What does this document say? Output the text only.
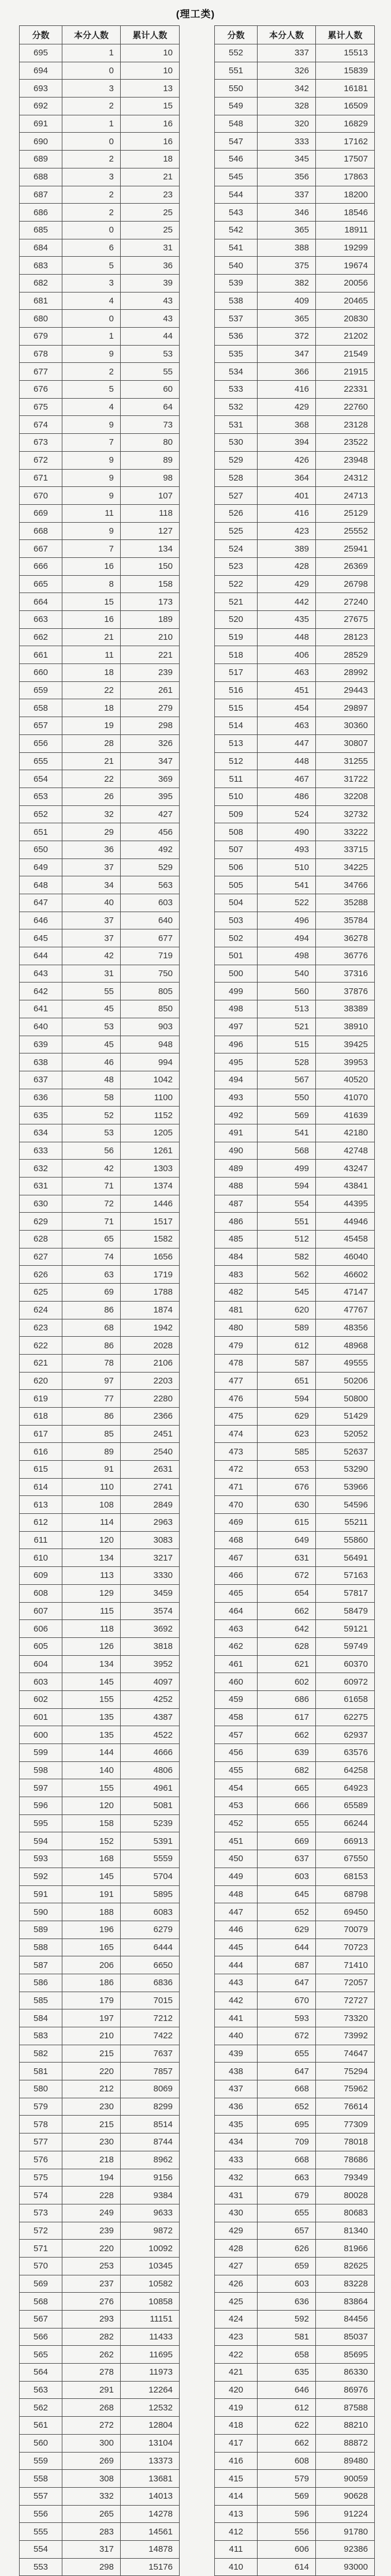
(理工类)
分数	本分人数	累计人数
695	1	10
694	0	10
693	3	13
692	2	15
691	1	16
690	0	16
689	2	18
688	3	21
687	2	23
686	2	25
685	0	25
684	6	31
683	5	36
682	3	39
681	4	43
680	0	43
679	1	44
678	9	53
677	2	55
676	5	60
675	4	64
674	9	73
673	7	80
672	9	89
671	9	98
670	9	107
669	11	118
668	9	127
667	7	134
666	16	150
665	8	158
664	15	173
663	16	189
662	21	210
661	11	221
660	18	239
659	22	261
658	18	279
657	19	298
656	28	326
655	21	347
654	22	369
653	26	395
652	32	427
651	29	456
650	36	492
649	37	529
648	34	563
647	40	603
646	37	640
645	37	677
644	42	719
643	31	750
642	55	805
641	45	850
640	53	903
639	45	948
638	46	994
637	48	1042
636	58	1100
635	52	1152
634	53	1205
633	56	1261
632	42	1303
631	71	1374
630	72	1446
629	71	1517
628	65	1582
627	74	1656
626	63	1719
625	69	1788
624	86	1874
623	68	1942
622	86	2028
621	78	2106
620	97	2203
619	77	2280
618	86	2366
617	85	2451
616	89	2540
615	91	2631
614	110	2741
613	108	2849
612	114	2963
611	120	3083
610	134	3217
609	113	3330
608	129	3459
607	115	3574
606	118	3692
605	126	3818
604	134	3952
603	145	4097
602	155	4252
601	135	4387
600	135	4522
599	144	4666
598	140	4806
597	155	4961
596	120	5081
595	158	5239
594	152	5391
593	168	5559
592	145	5704
591	191	5895
590	188	6083
589	196	6279
588	165	6444
587	206	6650
586	186	6836
585	179	7015
584	197	7212
583	210	7422
582	215	7637
581	220	7857
580	212	8069
579	230	8299
578	215	8514
577	230	8744
576	218	8962
575	194	9156
574	228	9384
573	249	9633
572	239	9872
571	220	10092
570	253	10345
569	237	10582
568	276	10858
567	293	11151
566	282	11433
565	262	11695
564	278	11973
563	291	12264
562	268	12532
561	272	12804
560	300	13104
559	269	13373
558	308	13681
557	332	14013
556	265	14278
555	283	14561
554	317	14878
553	298	15176
分数	本分人数	累计人数
552	337	15513
551	326	15839
550	342	16181
549	328	16509
548	320	16829
547	333	17162
546	345	17507
545	356	17863
544	337	18200
543	346	18546
542	365	18911
541	388	19299
540	375	19674
539	382	20056
538	409	20465
537	365	20830
536	372	21202
535	347	21549
534	366	21915
533	416	22331
532	429	22760
531	368	23128
530	394	23522
529	426	23948
528	364	24312
527	401	24713
526	416	25129
525	423	25552
524	389	25941
523	428	26369
522	429	26798
521	442	27240
520	435	27675
519	448	28123
518	406	28529
517	463	28992
516	451	29443
515	454	29897
514	463	30360
513	447	30807
512	448	31255
511	467	31722
510	486	32208
509	524	32732
508	490	33222
507	493	33715
506	510	34225
505	541	34766
504	522	35288
503	496	35784
502	494	36278
501	498	36776
500	540	37316
499	560	37876
498	513	38389
497	521	38910
496	515	39425
495	528	39953
494	567	40520
493	550	41070
492	569	41639
491	541	42180
490	568	42748
489	499	43247
488	594	43841
487	554	44395
486	551	44946
485	512	45458
484	582	46040
483	562	46602
482	545	47147
481	620	47767
480	589	48356
479	612	48968
478	587	49555
477	651	50206
476	594	50800
475	629	51429
474	623	52052
473	585	52637
472	653	53290
471	676	53966
470	630	54596
469	615	55211
468	649	55860
467	631	56491
466	672	57163
465	654	57817
464	662	58479
463	642	59121
462	628	59749
461	621	60370
460	602	60972
459	686	61658
458	617	62275
457	662	62937
456	639	63576
455	682	64258
454	665	64923
453	666	65589
452	655	66244
451	669	66913
450	637	67550
449	603	68153
448	645	68798
447	652	69450
446	629	70079
445	644	70723
444	687	71410
443	647	72057
442	670	72727
441	593	73320
440	672	73992
439	655	74647
438	647	75294
437	668	75962
436	652	76614
435	695	77309
434	709	78018
433	668	78686
432	663	79349
431	679	80028
430	655	80683
429	657	81340
428	626	81966
427	659	82625
426	603	83228
425	636	83864
424	592	84456
423	581	85037
422	658	85695
421	635	86330
420	646	86976
419	612	87588
418	622	88210
417	662	88872
416	608	89480
415	579	90059
414	569	90628
413	596	91224
412	556	91780
411	606	92386
410	614	93000
